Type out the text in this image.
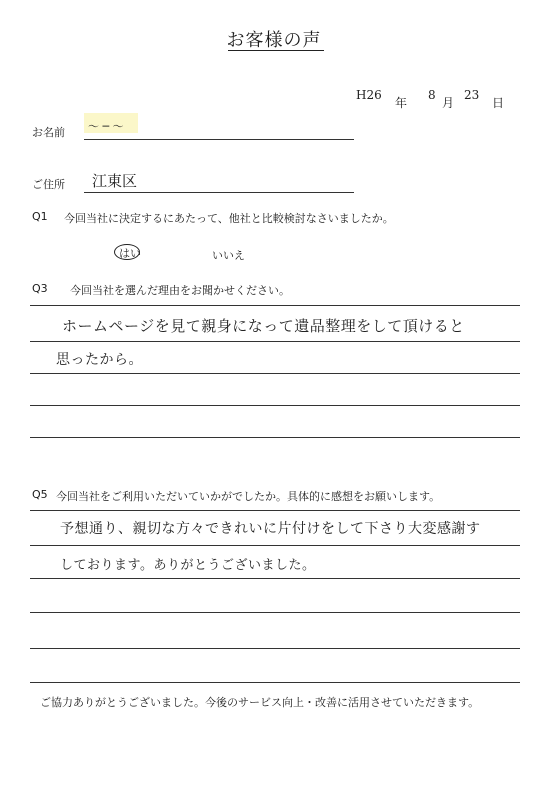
お客様の声
H26
年
8
月
23
日
お名前 〜 ─ 〜
ご住所 江東区
Q1 今回当社に決定するにあたって、他社と比較検討なさいましたか。
はい	いいえ
Q3 今回当社を選んだ理由をお聞かせください。
ホームページを見て親身になって遺品整理をして頂けると
思ったから。
Q5 今回当社をご利用いただいていかがでしたか。具体的に感想をお願いします。
予想通り、親切な方々できれいに片付けをして下さり大変感謝す
しております。ありがとうございました。
ご協力ありがとうございました。今後のサービス向上・改善に活用させていただきます。
